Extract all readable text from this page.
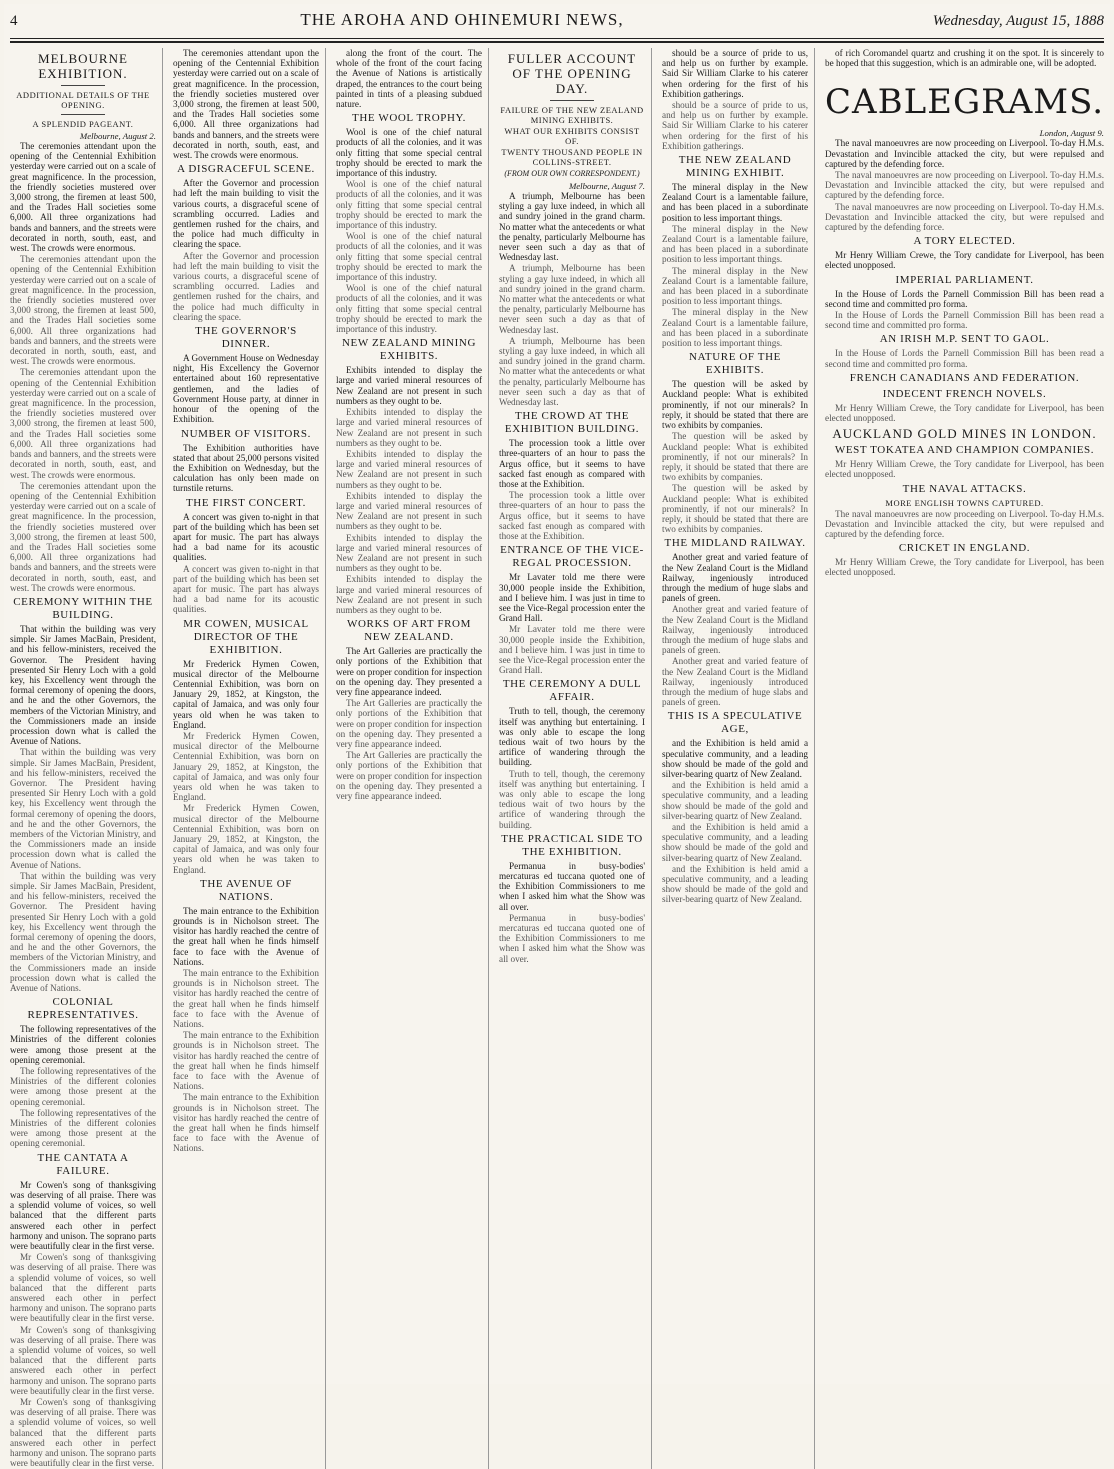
4	THE AROHA AND OHINEMURI NEWS,	Wednesday, August 15, 1888
MELBOURNE EXHIBITION.
ADDITIONAL DETAILS OF THE OPENING.
A SPLENDID PAGEANT.
Melbourne, August 2.

The ceremonies attendant upon the opening of the Centennial Exhibition yesterday were carried out on a scale of great magnificence. In the procession, the friendly societies mustered over 3,000 strong, the firemen at least 500, and the Trades Hall societies some 6,000. All three organizations had bands and banners, and the streets were decorated in north, south, east, and west. The crowds were enormous.

The ceremonies attendant upon the opening of the Centennial Exhibition yesterday were carried out on a scale of great magnificence. In the procession, the friendly societies mustered over 3,000 strong, the firemen at least 500, and the Trades Hall societies some 6,000. All three organizations had bands and banners, and the streets were decorated in north, south, east, and west. The crowds were enormous.

The ceremonies attendant upon the opening of the Centennial Exhibition yesterday were carried out on a scale of great magnificence. In the procession, the friendly societies mustered over 3,000 strong, the firemen at least 500, and the Trades Hall societies some 6,000. All three organizations had bands and banners, and the streets were decorated in north, south, east, and west. The crowds were enormous.

The ceremonies attendant upon the opening of the Centennial Exhibition yesterday were carried out on a scale of great magnificence. In the procession, the friendly societies mustered over 3,000 strong, the firemen at least 500, and the Trades Hall societies some 6,000. All three organizations had bands and banners, and the streets were decorated in north, south, east, and west. The crowds were enormous.

CEREMONY WITHIN THE BUILDING.

That within the building was very simple. Sir James MacBain, President, and his fellow-ministers, received the Governor. The President having presented Sir Henry Loch with a gold key, his Excellency went through the formal ceremony of opening the doors, and he and the other Governors, the members of the Victorian Ministry, and the Commissioners made an inside procession down what is called the Avenue of Nations.

That within the building was very simple. Sir James MacBain, President, and his fellow-ministers, received the Governor. The President having presented Sir Henry Loch with a gold key, his Excellency went through the formal ceremony of opening the doors, and he and the other Governors, the members of the Victorian Ministry, and the Commissioners made an inside procession down what is called the Avenue of Nations.

That within the building was very simple. Sir James MacBain, President, and his fellow-ministers, received the Governor. The President having presented Sir Henry Loch with a gold key, his Excellency went through the formal ceremony of opening the doors, and he and the other Governors, the members of the Victorian Ministry, and the Commissioners made an inside procession down what is called the Avenue of Nations.

COLONIAL REPRESENTATIVES.

The following representatives of the Ministries of the different colonies were among those present at the opening ceremonial.

The following representatives of the Ministries of the different colonies were among those present at the opening ceremonial.

The following representatives of the Ministries of the different colonies were among those present at the opening ceremonial.

THE CANTATA A FAILURE.

Mr Cowen's song of thanksgiving was deserving of all praise. There was a splendid volume of voices, so well balanced that the different parts answered each other in perfect harmony and unison. The soprano parts were beautifully clear in the first verse.

Mr Cowen's song of thanksgiving was deserving of all praise. There was a splendid volume of voices, so well balanced that the different parts answered each other in perfect harmony and unison. The soprano parts were beautifully clear in the first verse.

Mr Cowen's song of thanksgiving was deserving of all praise. There was a splendid volume of voices, so well balanced that the different parts answered each other in perfect harmony and unison. The soprano parts were beautifully clear in the first verse.

Mr Cowen's song of thanksgiving was deserving of all praise. There was a splendid volume of voices, so well balanced that the different parts answered each other in perfect harmony and unison. The soprano parts were beautifully clear in the first verse.

The ceremonies attendant upon the opening of the Centennial Exhibition yesterday were carried out on a scale of great magnificence. In the procession, the friendly societies mustered over 3,000 strong, the firemen at least 500, and the Trades Hall societies some 6,000. All three organizations had bands and banners, and the streets were decorated in north, south, east, and west. The crowds were enormous.

A DISGRACEFUL SCENE.

After the Governor and procession had left the main building to visit the various courts, a disgraceful scene of scrambling occurred. Ladies and gentlemen rushed for the chairs, and the police had much difficulty in clearing the space.

After the Governor and procession had left the main building to visit the various courts, a disgraceful scene of scrambling occurred. Ladies and gentlemen rushed for the chairs, and the police had much difficulty in clearing the space.

THE GOVERNOR'S DINNER.

A Government House on Wednesday night, His Excellency the Governor entertained about 160 representative gentlemen, and the ladies of Government House party, at dinner in honour of the opening of the Exhibition.

NUMBER OF VISITORS.

The Exhibition authorities have stated that about 25,000 persons visited the Exhibition on Wednesday, but the calculation has only been made on turnstile returns.

THE FIRST CONCERT.

A concert was given to-night in that part of the building which has been set apart for music. The part has always had a bad name for its acoustic qualities.

A concert was given to-night in that part of the building which has been set apart for music. The part has always had a bad name for its acoustic qualities.

MR COWEN, MUSICAL DIRECTOR OF THE EXHIBITION.

Mr Frederick Hymen Cowen, musical director of the Melbourne Centennial Exhibition, was born on January 29, 1852, at Kingston, the capital of Jamaica, and was only four years old when he was taken to England.

Mr Frederick Hymen Cowen, musical director of the Melbourne Centennial Exhibition, was born on January 29, 1852, at Kingston, the capital of Jamaica, and was only four years old when he was taken to England.

Mr Frederick Hymen Cowen, musical director of the Melbourne Centennial Exhibition, was born on January 29, 1852, at Kingston, the capital of Jamaica, and was only four years old when he was taken to England.

THE AVENUE OF NATIONS.

The main entrance to the Exhibition grounds is in Nicholson street. The visitor has hardly reached the centre of the great hall when he finds himself face to face with the Avenue of Nations.

The main entrance to the Exhibition grounds is in Nicholson street. The visitor has hardly reached the centre of the great hall when he finds himself face to face with the Avenue of Nations.

The main entrance to the Exhibition grounds is in Nicholson street. The visitor has hardly reached the centre of the great hall when he finds himself face to face with the Avenue of Nations.

The main entrance to the Exhibition grounds is in Nicholson street. The visitor has hardly reached the centre of the great hall when he finds himself face to face with the Avenue of Nations.

along the front of the court. The whole of the front of the court facing the Avenue of Nations is artistically draped, the entrances to the court being painted in tints of a pleasing subdued nature.

THE WOOL TROPHY.

Wool is one of the chief natural products of all the colonies, and it was only fitting that some special central trophy should be erected to mark the importance of this industry.

Wool is one of the chief natural products of all the colonies, and it was only fitting that some special central trophy should be erected to mark the importance of this industry.

Wool is one of the chief natural products of all the colonies, and it was only fitting that some special central trophy should be erected to mark the importance of this industry.

Wool is one of the chief natural products of all the colonies, and it was only fitting that some special central trophy should be erected to mark the importance of this industry.

NEW ZEALAND MINING EXHIBITS.

Exhibits intended to display the large and varied mineral resources of New Zealand are not present in such numbers as they ought to be.

Exhibits intended to display the large and varied mineral resources of New Zealand are not present in such numbers as they ought to be.

Exhibits intended to display the large and varied mineral resources of New Zealand are not present in such numbers as they ought to be.

Exhibits intended to display the large and varied mineral resources of New Zealand are not present in such numbers as they ought to be.

Exhibits intended to display the large and varied mineral resources of New Zealand are not present in such numbers as they ought to be.

Exhibits intended to display the large and varied mineral resources of New Zealand are not present in such numbers as they ought to be.

WORKS OF ART FROM NEW ZEALAND.

The Art Galleries are practically the only portions of the Exhibition that were on proper condition for inspection on the opening day. They presented a very fine appearance indeed.

The Art Galleries are practically the only portions of the Exhibition that were on proper condition for inspection on the opening day. They presented a very fine appearance indeed.

The Art Galleries are practically the only portions of the Exhibition that were on proper condition for inspection on the opening day. They presented a very fine appearance indeed.

FULLER ACCOUNT OF THE OPENING DAY.
FAILURE OF THE NEW ZEALAND MINING EXHIBITS.
WHAT OUR EXHIBITS CONSIST OF.
TWENTY THOUSAND PEOPLE IN COLLINS-STREET.
(FROM OUR OWN CORRESPONDENT.)
Melbourne, August 7.

A triumph, Melbourne has been styling a gay luxe indeed, in which all and sundry joined in the grand charm. No matter what the antecedents or what the penalty, particularly Melbourne has never seen such a day as that of Wednesday last.

A triumph, Melbourne has been styling a gay luxe indeed, in which all and sundry joined in the grand charm. No matter what the antecedents or what the penalty, particularly Melbourne has never seen such a day as that of Wednesday last.

A triumph, Melbourne has been styling a gay luxe indeed, in which all and sundry joined in the grand charm. No matter what the antecedents or what the penalty, particularly Melbourne has never seen such a day as that of Wednesday last.

THE CROWD AT THE EXHIBITION BUILDING.

The procession took a little over three-quarters of an hour to pass the Argus office, but it seems to have sacked fast enough as compared with those at the Exhibition.

The procession took a little over three-quarters of an hour to pass the Argus office, but it seems to have sacked fast enough as compared with those at the Exhibition.

ENTRANCE OF THE VICE-REGAL PROCESSION.

Mr Lavater told me there were 30,000 people inside the Exhibition, and I believe him. I was just in time to see the Vice-Regal procession enter the Grand Hall.

Mr Lavater told me there were 30,000 people inside the Exhibition, and I believe him. I was just in time to see the Vice-Regal procession enter the Grand Hall.

THE CEREMONY A DULL AFFAIR.

Truth to tell, though, the ceremony itself was anything but entertaining. I was only able to escape the long tedious wait of two hours by the artifice of wandering through the building.

Truth to tell, though, the ceremony itself was anything but entertaining. I was only able to escape the long tedious wait of two hours by the artifice of wandering through the building.

THE PRACTICAL SIDE TO THE EXHIBITION.

Permanua in busy-bodies' mercaturas ed tuccana quoted one of the Exhibition Commissioners to me when I asked him what the Show was all over.

Permanua in busy-bodies' mercaturas ed tuccana quoted one of the Exhibition Commissioners to me when I asked him what the Show was all over.

should be a source of pride to us, and help us on further by example. Said Sir William Clarke to his caterer when ordering for the first of his Exhibition gatherings.

should be a source of pride to us, and help us on further by example. Said Sir William Clarke to his caterer when ordering for the first of his Exhibition gatherings.

THE NEW ZEALAND MINING EXHIBIT.

The mineral display in the New Zealand Court is a lamentable failure, and has been placed in a subordinate position to less important things.

The mineral display in the New Zealand Court is a lamentable failure, and has been placed in a subordinate position to less important things.

The mineral display in the New Zealand Court is a lamentable failure, and has been placed in a subordinate position to less important things.

The mineral display in the New Zealand Court is a lamentable failure, and has been placed in a subordinate position to less important things.

NATURE OF THE EXHIBITS.

The question will be asked by Auckland people: What is exhibited prominently, if not our minerals? In reply, it should be stated that there are two exhibits by companies.

The question will be asked by Auckland people: What is exhibited prominently, if not our minerals? In reply, it should be stated that there are two exhibits by companies.

The question will be asked by Auckland people: What is exhibited prominently, if not our minerals? In reply, it should be stated that there are two exhibits by companies.

THE MIDLAND RAILWAY.

Another great and varied feature of the New Zealand Court is the Midland Railway, ingeniously introduced through the medium of huge slabs and panels of green.

Another great and varied feature of the New Zealand Court is the Midland Railway, ingeniously introduced through the medium of huge slabs and panels of green.

Another great and varied feature of the New Zealand Court is the Midland Railway, ingeniously introduced through the medium of huge slabs and panels of green.

THIS IS A SPECULATIVE AGE,

and the Exhibition is held amid a speculative community, and a leading show should be made of the gold and silver-bearing quartz of New Zealand.

and the Exhibition is held amid a speculative community, and a leading show should be made of the gold and silver-bearing quartz of New Zealand.

and the Exhibition is held amid a speculative community, and a leading show should be made of the gold and silver-bearing quartz of New Zealand.

and the Exhibition is held amid a speculative community, and a leading show should be made of the gold and silver-bearing quartz of New Zealand.

of rich Coromandel quartz and crushing it on the spot. It is sincerely to be hoped that this suggestion, which is an admirable one, will be adopted.

CABLEGRAMS.
London, August 9.

The naval manoeuvres are now proceeding on Liverpool. To-day H.M.s. Devastation and Invincible attacked the city, but were repulsed and captured by the defending force.

The naval manoeuvres are now proceeding on Liverpool. To-day H.M.s. Devastation and Invincible attacked the city, but were repulsed and captured by the defending force.

The naval manoeuvres are now proceeding on Liverpool. To-day H.M.s. Devastation and Invincible attacked the city, but were repulsed and captured by the defending force.

A TORY ELECTED.

Mr Henry William Crewe, the Tory candidate for Liverpool, has been elected unopposed.

IMPERIAL PARLIAMENT.

In the House of Lords the Parnell Commission Bill has been read a second time and committed pro forma.

In the House of Lords the Parnell Commission Bill has been read a second time and committed pro forma.

AN IRISH M.P. SENT TO GAOL.

In the House of Lords the Parnell Commission Bill has been read a second time and committed pro forma.

FRENCH CANADIANS AND FEDERATION.
INDECENT FRENCH NOVELS.

Mr Henry William Crewe, the Tory candidate for Liverpool, has been elected unopposed.

AUCKLAND GOLD MINES IN LONDON.
WEST TOKATEA AND CHAMPION COMPANIES.

Mr Henry William Crewe, the Tory candidate for Liverpool, has been elected unopposed.

THE NAVAL ATTACKS.
MORE ENGLISH TOWNS CAPTURED.

The naval manoeuvres are now proceeding on Liverpool. To-day H.M.s. Devastation and Invincible attacked the city, but were repulsed and captured by the defending force.

CRICKET IN ENGLAND.

Mr Henry William Crewe, the Tory candidate for Liverpool, has been elected unopposed.
